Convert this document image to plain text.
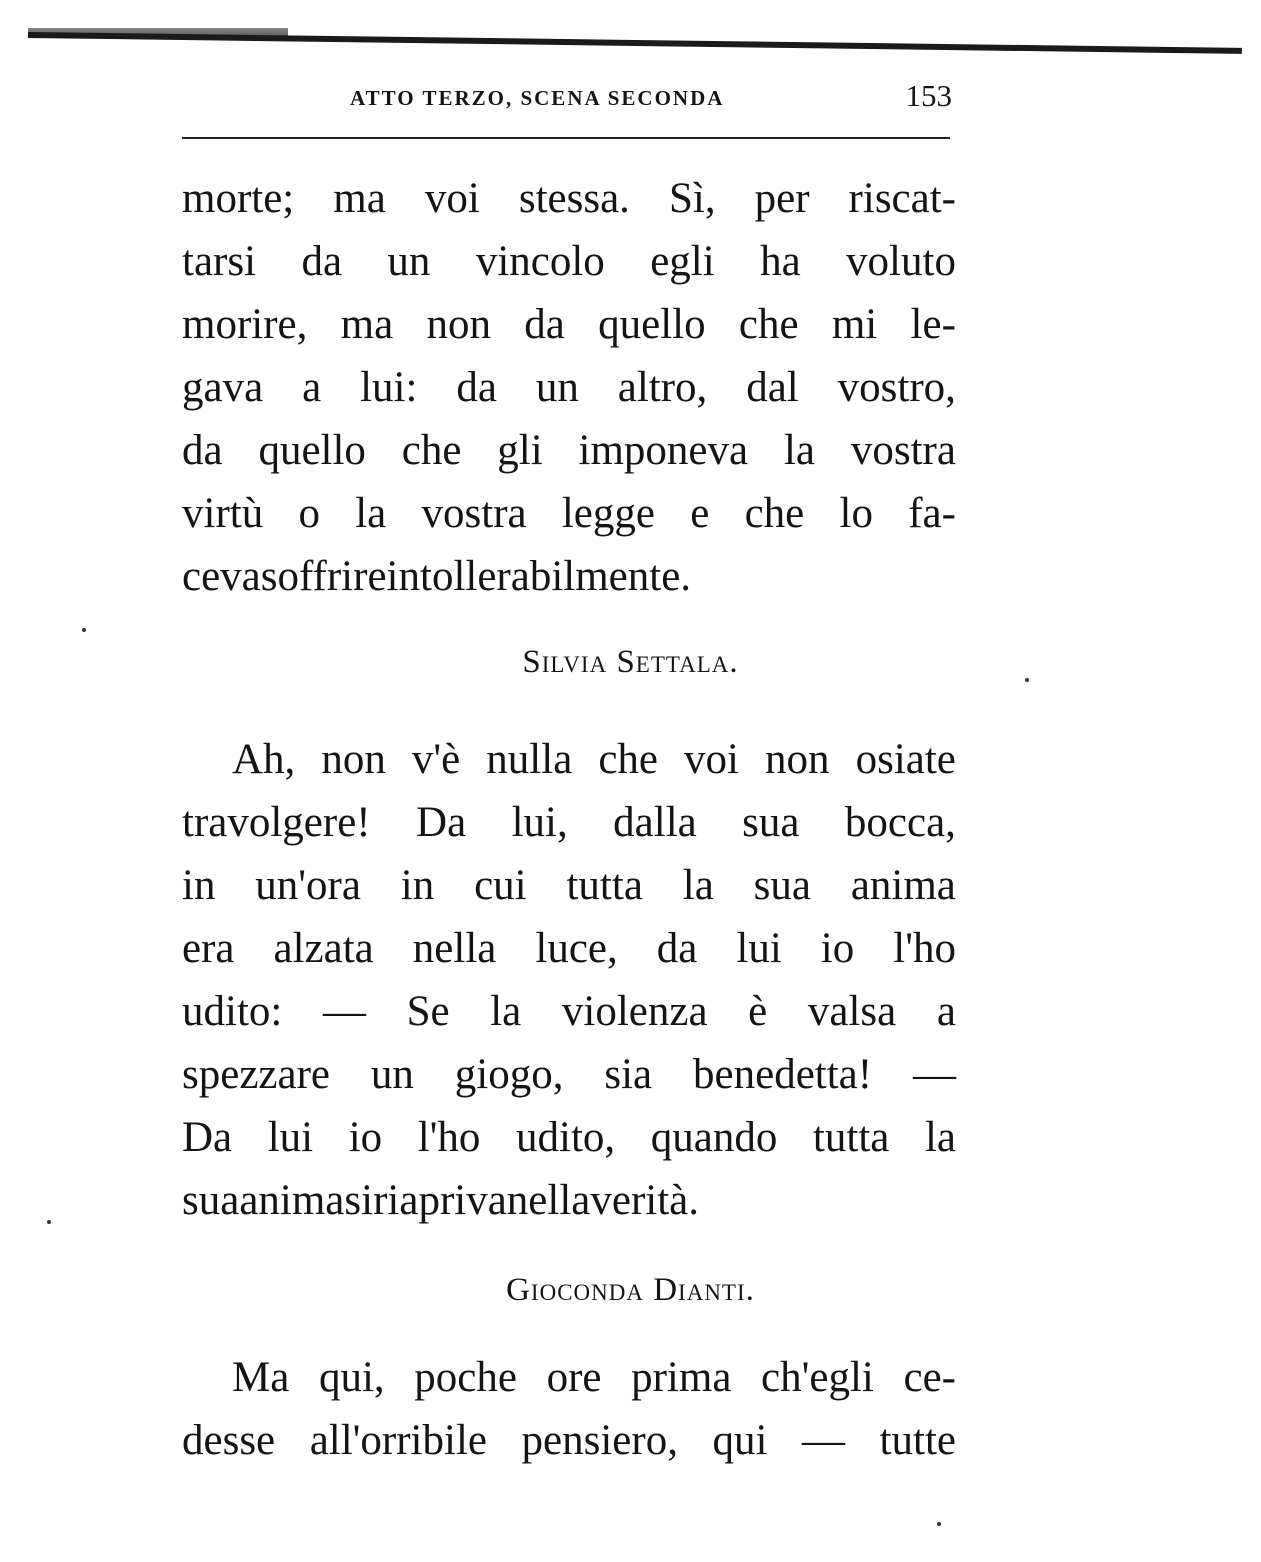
ATTO TERZO, SCENA SECONDA	153
morte; ma voi stessa. Sì, per riscat-
tarsi da un vincolo egli ha voluto
morire, ma non da quello che mi le-
gava a lui: da un altro, dal vostro,
da quello che gli imponeva la vostra
virtù o la vostra legge e che lo fa-
ceva soffrire intollerabilmente.
Silvia Settala.
Ah, non v'è nulla che voi non osiate
travolgere! Da lui, dalla sua bocca,
in un'ora in cui tutta la sua anima
era alzata nella luce, da lui io l'ho
udito: — Se la violenza è valsa a
spezzare un giogo, sia benedetta! —
Da lui io l'ho udito, quando tutta la
sua anima si riapriva nella verità.
Gioconda Dianti.
Ma qui, poche ore prima ch'egli ce-
desse all'orribile pensiero, qui — tutte
